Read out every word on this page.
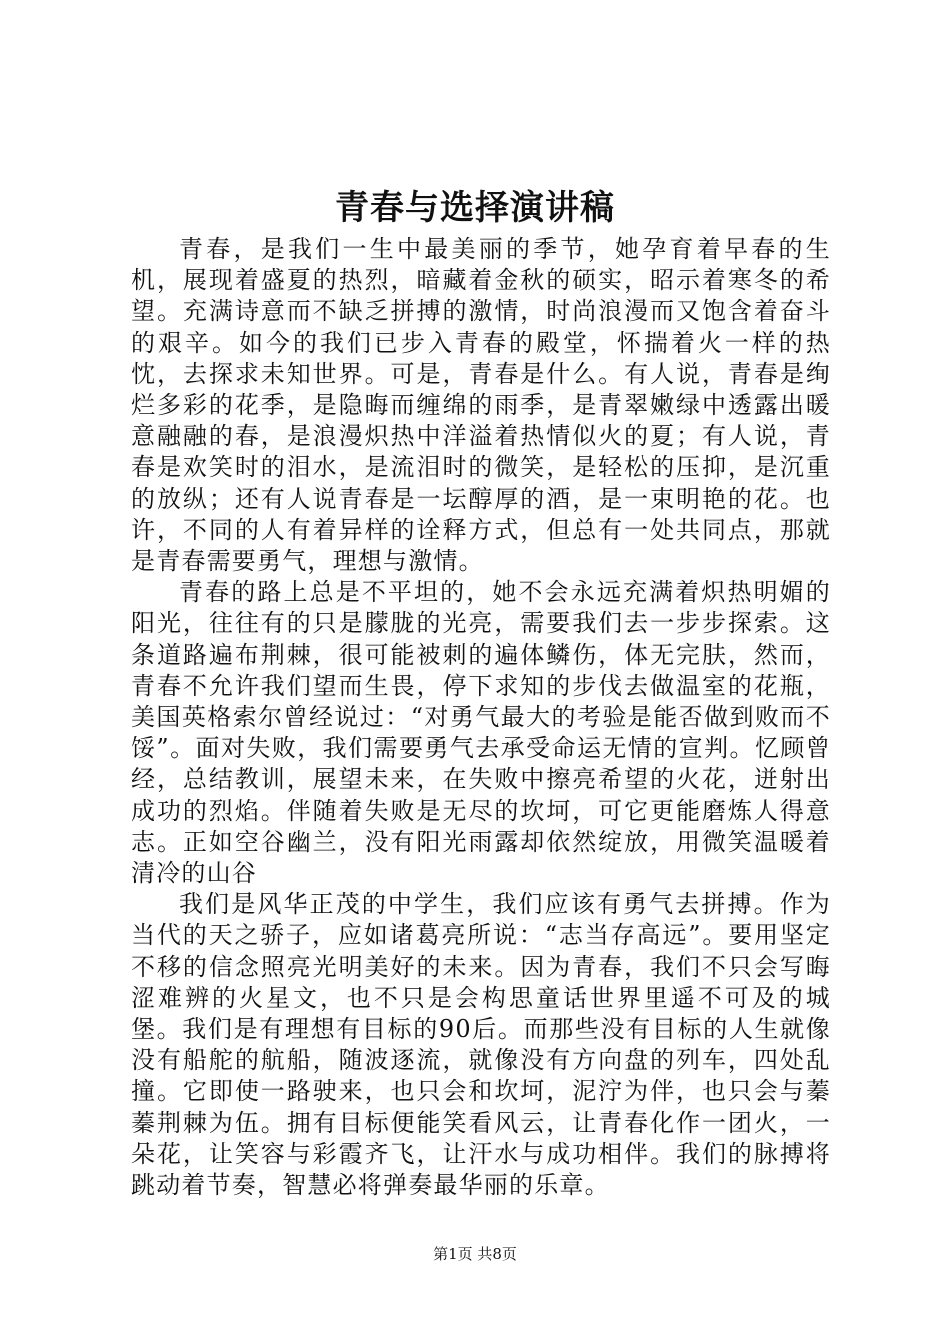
青春与选择演讲稿

青春，是我们一生中最美丽的季节，她孕育着早春的生机，展现着盛夏的热烈，暗藏着金秋的硕实，昭示着寒冬的希望。充满诗意而不缺乏拼搏的激情，时尚浪漫而又饱含着奋斗的艰辛。如今的我们已步入青春的殿堂，怀揣着火一样的热忱，去探求未知世界。可是，青春是什么。有人说，青春是绚烂多彩的花季，是隐晦而缠绵的雨季，是青翠嫩绿中透露出暖意融融的春，是浪漫炽热中洋溢着热情似火的夏；有人说，青春是欢笑时的泪水，是流泪时的微笑，是轻松的压抑，是沉重的放纵；还有人说青春是一坛醇厚的酒，是一束明艳的花。也许，不同的人有着异样的诠释方式，但总有一处共同点，那就是青春需要勇气，理想与激情。

青春的路上总是不平坦的，她不会永远充满着炽热明媚的阳光，往往有的只是朦胧的光亮，需要我们去一步步探索。这条道路遍布荆棘，很可能被刺的遍体鳞伤，体无完肤，然而，青春不允许我们望而生畏，停下求知的步伐去做温室的花瓶，美国英格索尔曾经说过：“对勇气最大的考验是能否做到败而不馁”。面对失败，我们需要勇气去承受命运无情的宣判。忆顾曾经，总结教训，展望未来，在失败中擦亮希望的火花，迸射出成功的烈焰。伴随着失败是无尽的坎坷，可它更能磨炼人得意志。正如空谷幽兰，没有阳光雨露却依然绽放，用微笑温暖着清冷的山谷

我们是风华正茂的中学生，我们应该有勇气去拼搏。作为当代的天之骄子，应如诸葛亮所说：“志当存高远”。要用坚定不移的信念照亮光明美好的未来。因为青春，我们不只会写晦涩难辨的火星文，也不只是会构思童话世界里遥不可及的城堡。我们是有理想有目标的90后。而那些没有目标的人生就像没有船舵的航船，随波逐流，就像没有方向盘的列车，四处乱撞。它即使一路驶来，也只会和坎坷，泥泞为伴，也只会与蓁蓁荆棘为伍。拥有目标便能笑看风云，让青春化作一团火，一朵花，让笑容与彩霞齐飞，让汗水与成功相伴。我们的脉搏将跳动着节奏，智慧必将弹奏最华丽的乐章。

第1页 共8页
